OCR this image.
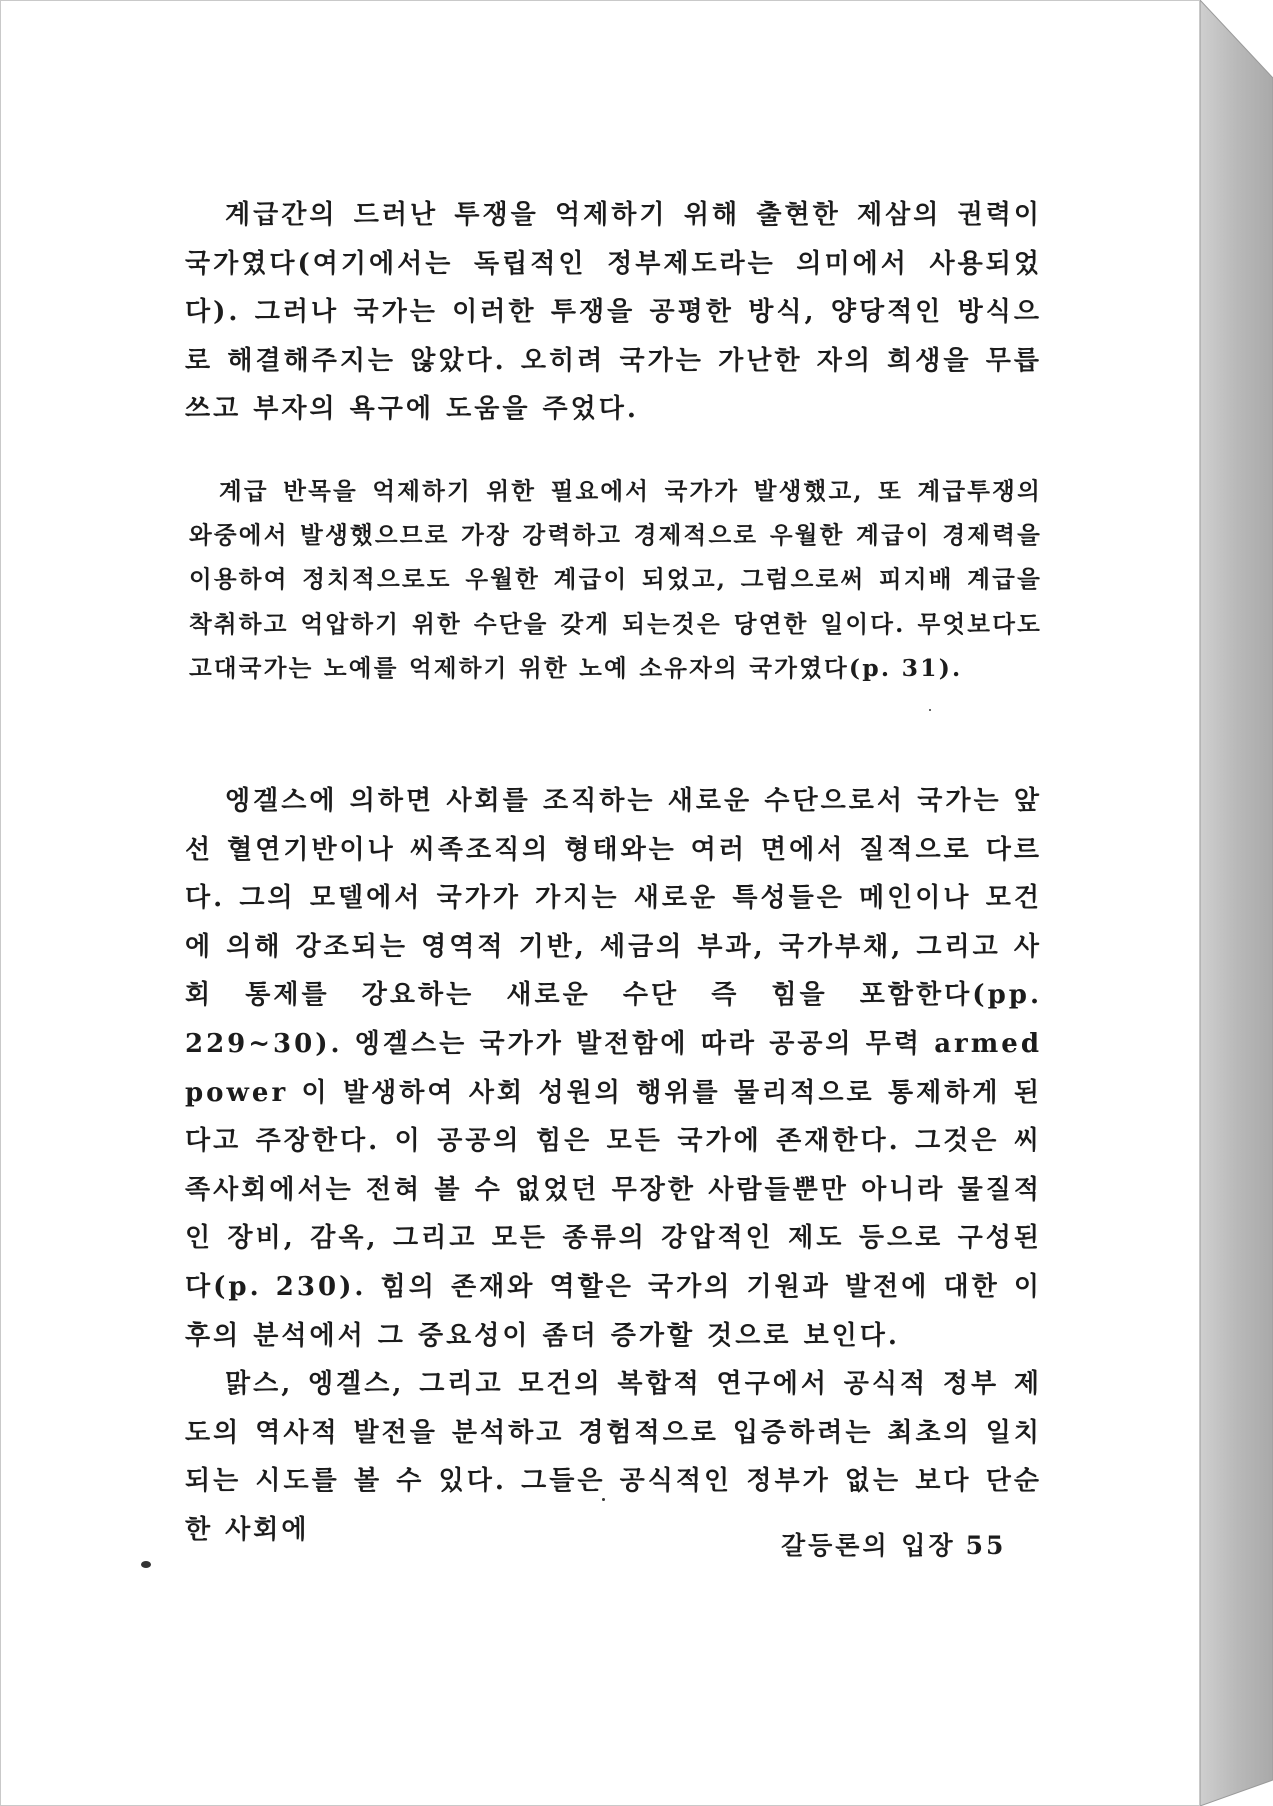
계급간의 드러난 투쟁을 억제하기 위해 출현한 제삼의 권력이 국가였다(여기에서는 독립적인 정부제도라는 의미에서 사용되었다). 그러나 국가는 이러한 투쟁을 공평한 방식, 양당적인 방식으로 해결해주지는 않았다. 오히려 국가는 가난한 자의 희생을 무릅쓰고 부자의 욕구에 도움을 주었다.

계급 반목을 억제하기 위한 필요에서 국가가 발생했고, 또 계급투쟁의 와중에서 발생했으므로 가장 강력하고 경제적으로 우월한 계급이 경제력을 이용하여 정치적으로도 우월한 계급이 되었고, 그럼으로써 피지배 계급을 착취하고 억압하기 위한 수단을 갖게 되는것은 당연한 일이다. 무엇보다도 고대국가는 노예를 억제하기 위한 노예 소유자의 국가였다(p. 31).

엥겔스에 의하면 사회를 조직하는 새로운 수단으로서 국가는 앞선 혈연기반이나 씨족조직의 형태와는 여러 면에서 질적으로 다르다. 그의 모델에서 국가가 가지는 새로운 특성들은 메인이나 모건에 의해 강조되는 영역적 기반, 세금의 부과, 국가부채, 그리고 사회 통제를 강요하는 새로운 수단 즉 힘을 포함한다(pp. 229~30). 엥겔스는 국가가 발전함에 따라 공공의 무력 armed power 이 발생하여 사회 성원의 행위를 물리적으로 통제하게 된다고 주장한다. 이 공공의 힘은 모든 국가에 존재한다. 그것은 씨족사회에서는 전혀 볼 수 없었던 무장한 사람들뿐만 아니라 물질적인 장비, 감옥, 그리고 모든 종류의 강압적인 제도 등으로 구성된다(p. 230). 힘의 존재와 역할은 국가의 기원과 발전에 대한 이후의 분석에서 그 중요성이 좀더 증가할 것으로 보인다.

맑스, 엥겔스, 그리고 모건의 복합적 연구에서 공식적 정부 제도의 역사적 발전을 분석하고 경험적으로 입증하려는 최초의 일치되는 시도를 볼 수 있다. 그들은 공식적인 정부가 없는 보다 단순한 사회에

갈등론의 입장 55
